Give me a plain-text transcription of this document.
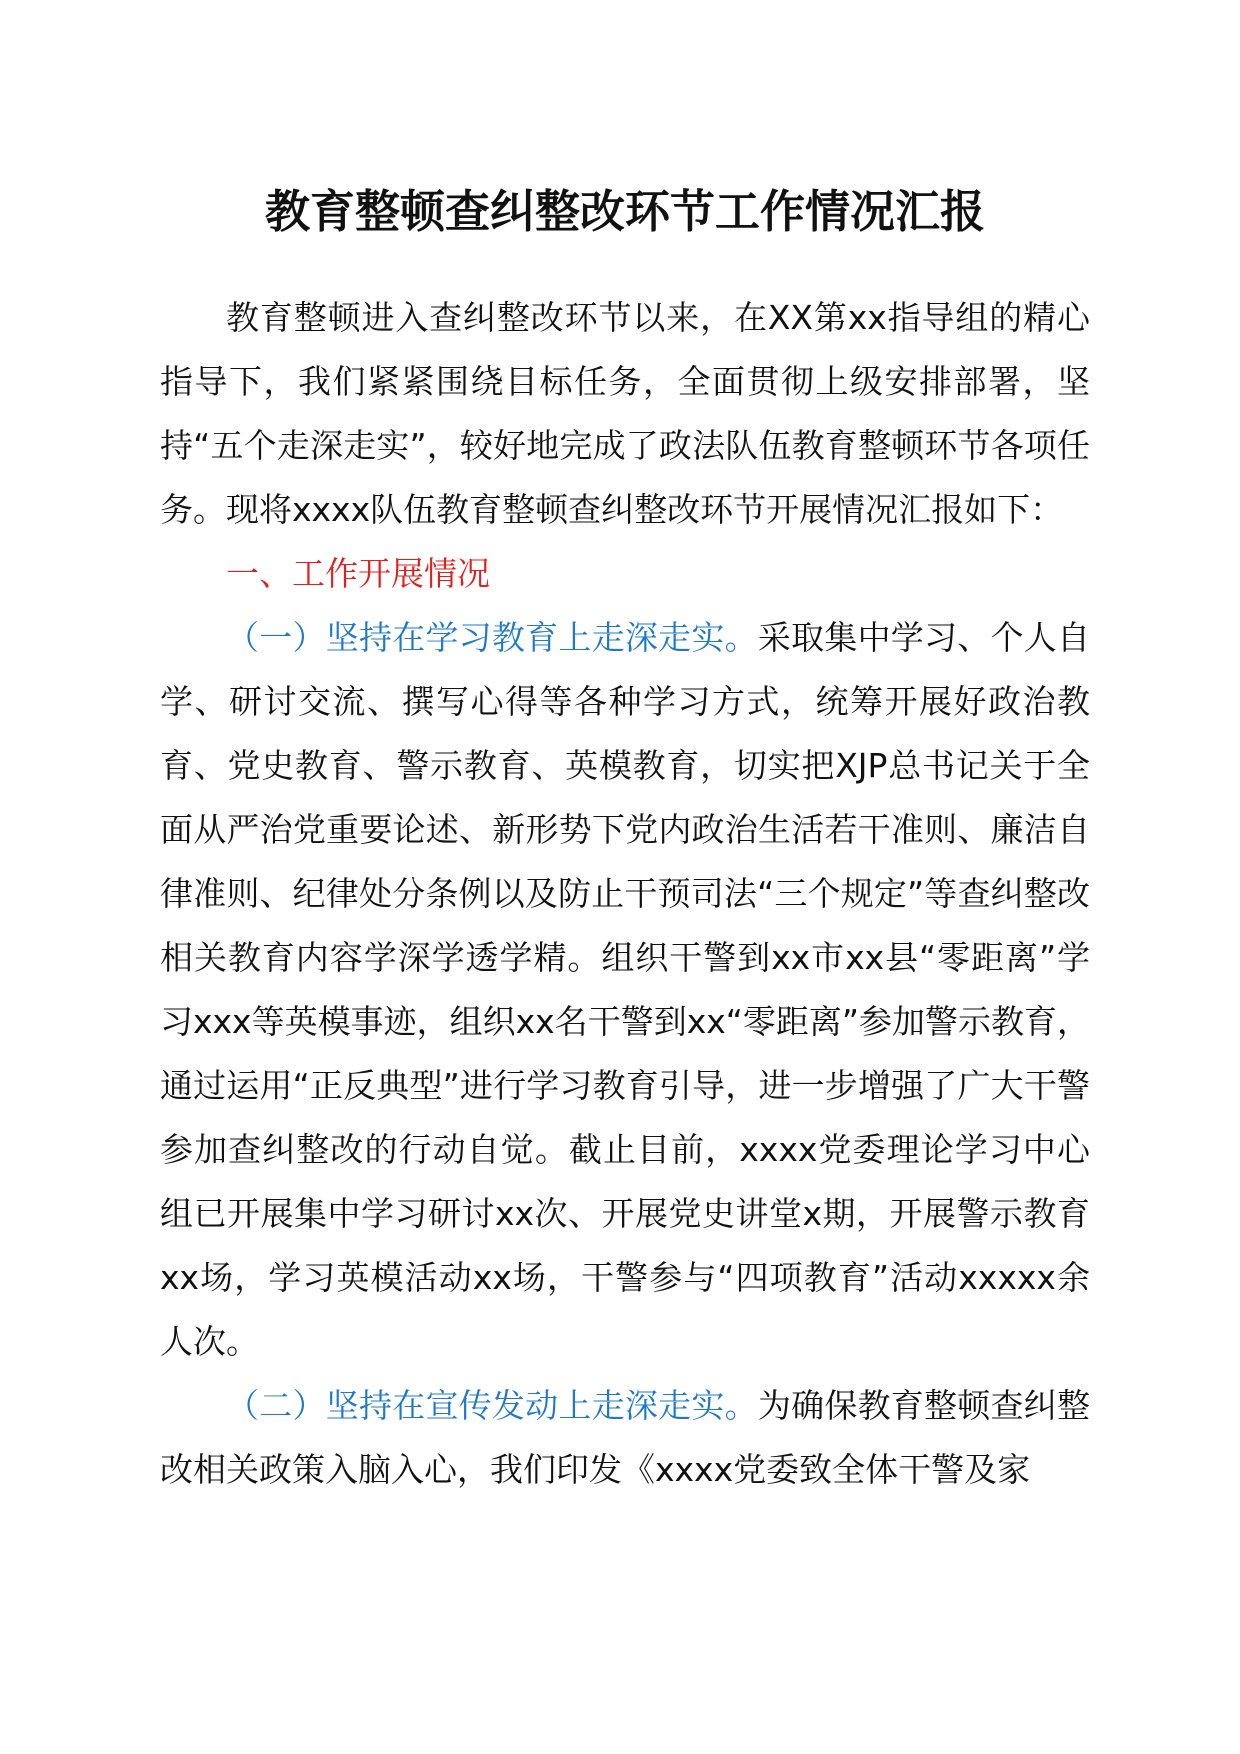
教育整顿查纠整改环节工作情况汇报

教育整顿进入查纠整改环节以来，在XX第xx指导组的精心指导下，我们紧紧围绕目标任务，全面贯彻上级安排部署，坚持“五个走深走实”，较好地完成了政法队伍教育整顿环节各项任务。现将xxxx队伍教育整顿查纠整改环节开展情况汇报如下：

一、工作开展情况

（一）坚持在学习教育上走深走实。采取集中学习、个人自学、研讨交流、撰写心得等各种学习方式，统筹开展好政治教育、党史教育、警示教育、英模教育，切实把XJP总书记关于全面从严治党重要论述、新形势下党内政治生活若干准则、廉洁自律准则、纪律处分条例以及防止干预司法“三个规定”等查纠整改相关教育内容学深学透学精。组织干警到xx市xx县“零距离”学习xxx等英模事迹，组织xx名干警到xx“零距离”参加警示教育，通过运用“正反典型”进行学习教育引导，进一步增强了广大干警参加查纠整改的行动自觉。截止目前，xxxx党委理论学习中心组已开展集中学习研讨xx次、开展党史讲堂x期，开展警示教育xx场，学习英模活动xx场，干警参与“四项教育”活动xxxxx余人次。

（二）坚持在宣传发动上走深走实。为确保教育整顿查纠整改相关政策入脑入心，我们印发《xxxx党委致全体干警及家
